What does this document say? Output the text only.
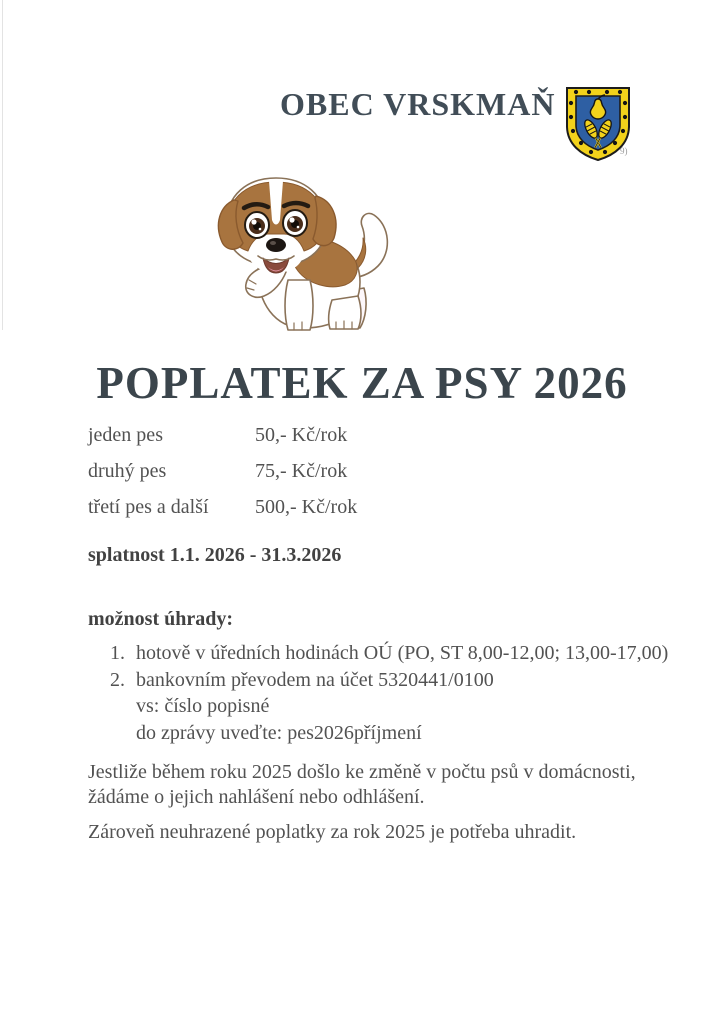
OBEC VRSKMAŇ
9)
POPLATEK ZA PSY 2026
jeden pes	50,- Kč/rok
druhý pes	75,- Kč/rok
třetí pes a další	500,- Kč/rok
splatnost 1.1. 2026 - 31.3.2026
možnost úhrady:
1. hotově v úředních hodinách OÚ (PO, ST 8,00-12,00; 13,00-17,00)
2. bankovním převodem na účet 5320441/0100
vs: číslo popisné
do zprávy uveďte: pes2026příjmení
Jestliže během roku 2025 došlo ke změně v počtu psů v domácnosti, žádáme o jejich nahlášení nebo odhlášení.
Zároveň neuhrazené poplatky za rok 2025 je potřeba uhradit.
